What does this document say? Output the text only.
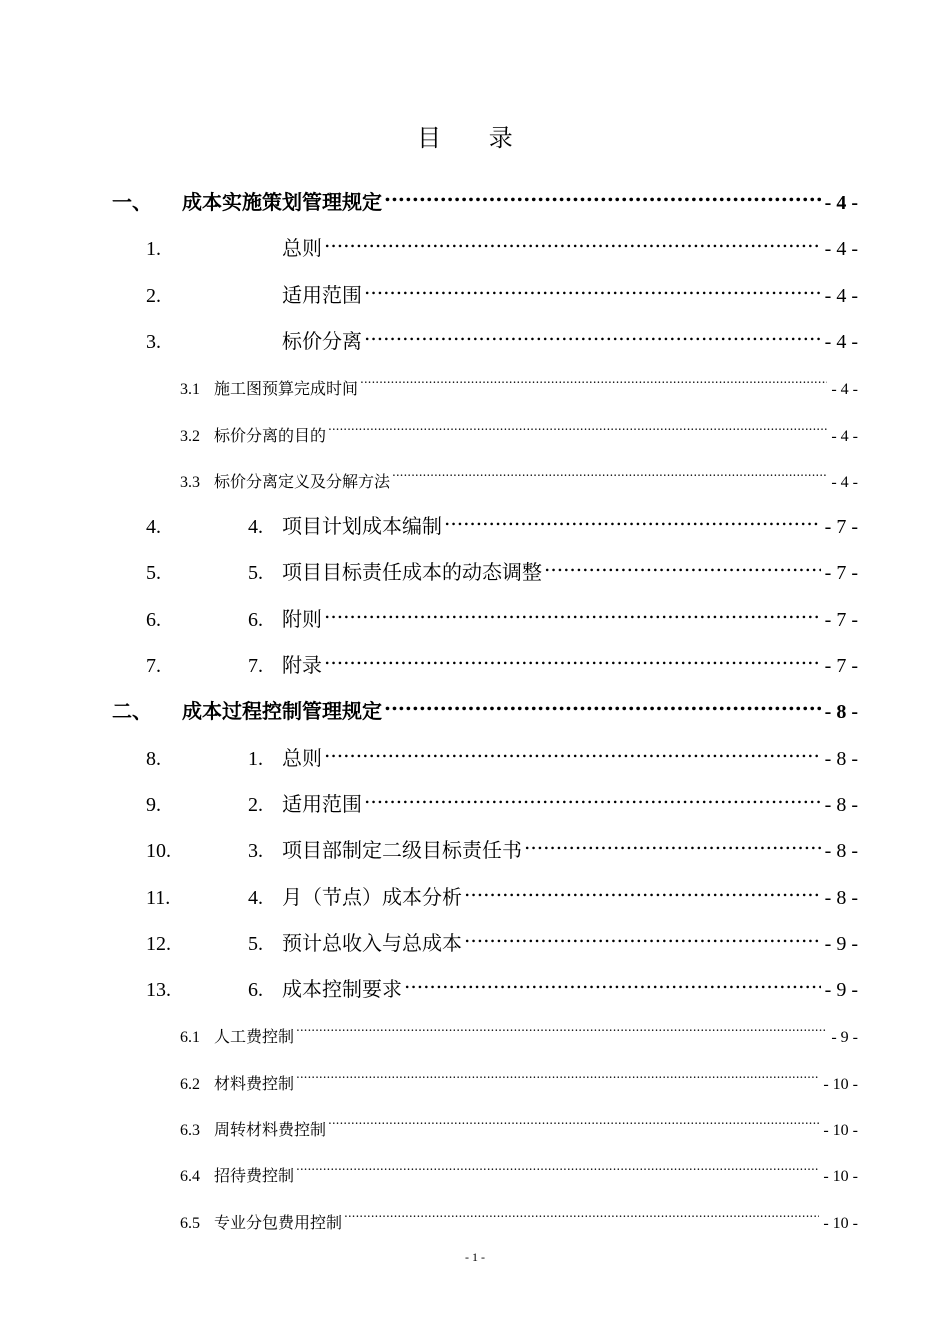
目 录
一、	成本实施策划管理规定 .....	- 4 -
1.	总则 .....	- 4 -
2.	适用范围 .....	- 4 -
3.	标价分离 .....	- 4 -
3.1 施工图预算完成时间 .....	- 4 -
3.2 标价分离的目的 .....	- 4 -
3.3 标价分离定义及分解方法 .....	- 4 -
4.	4. 项目计划成本编制 .....	- 7 -
5.	5. 项目目标责任成本的动态调整 .....	- 7 -
6.	6. 附则 .....	- 7 -
7.	7. 附录 .....	- 7 -
二、	成本过程控制管理规定 .....	- 8 -
8.	1. 总则 .....	- 8 -
9.	2. 适用范围 .....	- 8 -
10.	3. 项目部制定二级目标责任书 .....	- 8 -
11.	4. 月（节点）成本分析 .....	- 8 -
12.	5. 预计总收入与总成本 .....	- 9 -
13.	6. 成本控制要求 .....	- 9 -
6.1 人工费控制 .....	- 9 -
6.2 材料费控制 .....	- 10 -
6.3 周转材料费控制 .....	- 10 -
6.4 招待费控制 .....	- 10 -
6.5 专业分包费用控制 .....	- 10 -
- 1 -
